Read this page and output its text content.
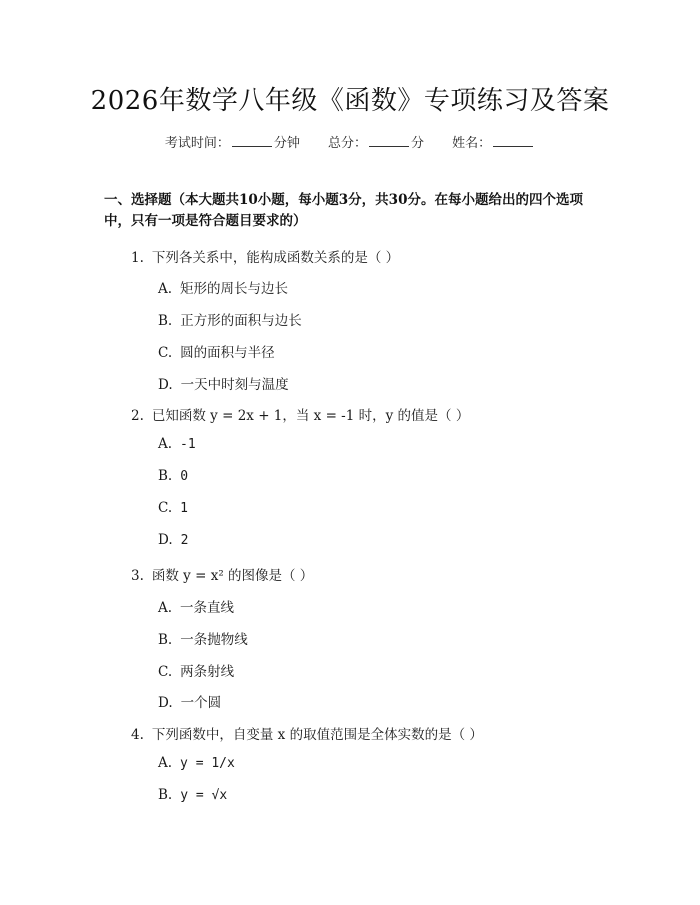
2026年数学八年级《函数》专项练习及答案
考试时间：	分钟 总分：	分 姓名：
一、选择题（本大题共10小题，每小题3分，共30分。在每小题给出的四个选项中，只有一项是符合题目要求的）
1. 下列各关系中，能构成函数关系的是（ ）
A. 矩形的周长与边长
B. 正方形的面积与边长
C. 圆的面积与半径
D. 一天中时刻与温度
2. 已知函数 y = 2x + 1，当 x = -1 时，y 的值是（ ）
A. -1
B. 0
C. 1
D. 2
3. 函数 y = x² 的图像是（ ）
A. 一条直线
B. 一条抛物线
C. 两条射线
D. 一个圆
4. 下列函数中，自变量 x 的取值范围是全体实数的是（ ）
A. y = 1/x
B. y = √x
